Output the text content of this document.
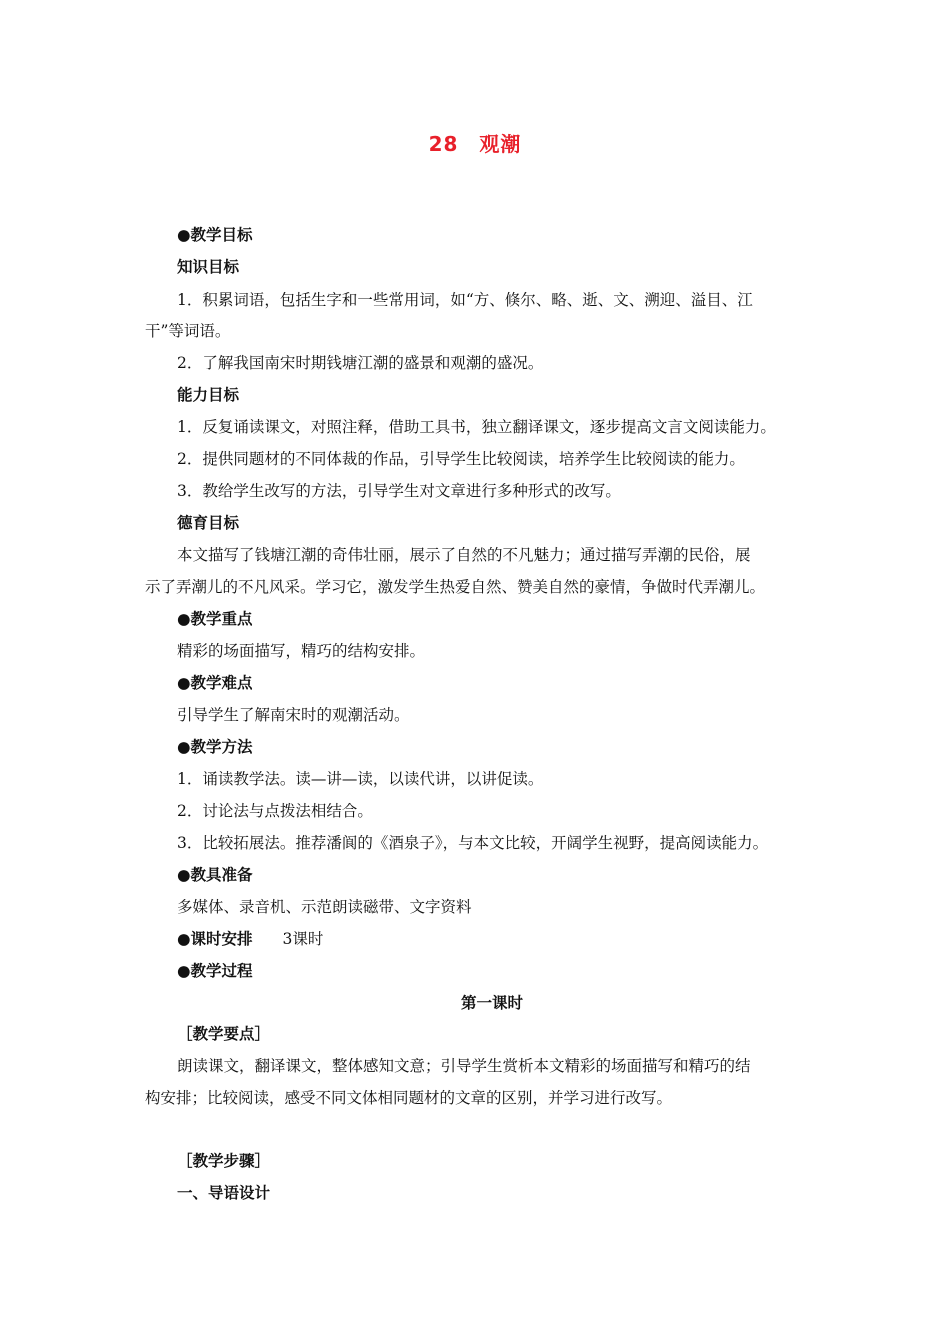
28　观潮
●教学目标
知识目标
1．积累词语，包括生字和一些常用词，如“方、倏尔、略、逝、文、溯迎、溢目、江
干”等词语。
2．了解我国南宋时期钱塘江潮的盛景和观潮的盛况。
能力目标
1．反复诵读课文，对照注释，借助工具书，独立翻译课文，逐步提高文言文阅读能力。
2．提供同题材的不同体裁的作品，引导学生比较阅读，培养学生比较阅读的能力。
3．教给学生改写的方法，引导学生对文章进行多种形式的改写。
德育目标
本文描写了钱塘江潮的奇伟壮丽，展示了自然的不凡魅力；通过描写弄潮的民俗，展
示了弄潮儿的不凡风采。学习它，激发学生热爱自然、赞美自然的豪情，争做时代弄潮儿。
●教学重点
精彩的场面描写，精巧的结构安排。
●教学难点
引导学生了解南宋时的观潮活动。
●教学方法
1．诵读教学法。读—讲—读，以读代讲，以讲促读。
2．讨论法与点拨法相结合。
3．比较拓展法。推荐潘阆的《酒泉子》，与本文比较，开阔学生视野，提高阅读能力。
●教具准备
多媒体、录音机、示范朗读磁带、文字资料
●课时安排 3课时
●教学过程
第一课时
［教学要点］
朗读课文，翻译课文，整体感知文意；引导学生赏析本文精彩的场面描写和精巧的结
构安排；比较阅读，感受不同文体相同题材的文章的区别，并学习进行改写。
［教学步骤］
一、导语设计
